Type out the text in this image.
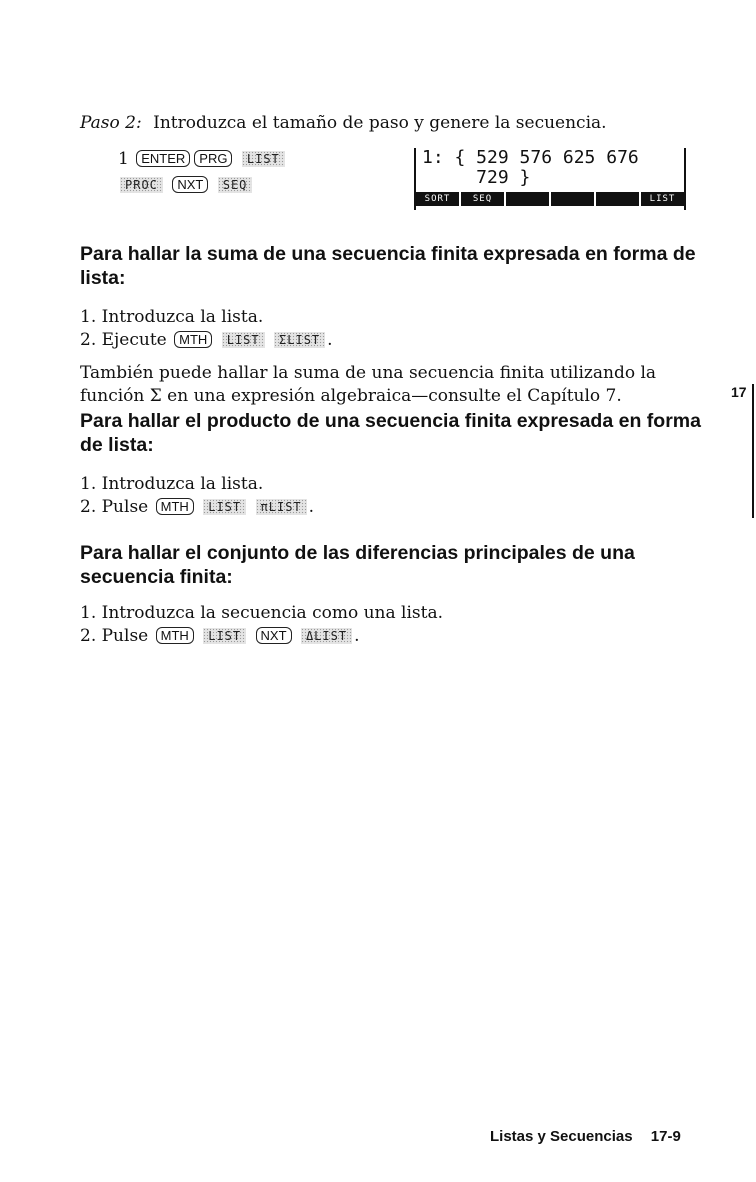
Paso 2: Introduzca el tamaño de paso y genere la secuencia.
1 ENTER PRG LIST
PROC NXT SEQ
1: { 529 576 625 676
729 }
SORT	SEQ	LIST
Para hallar la suma de una secuencia finita expresada en forma de lista:
1. Introduzca la lista.
2. Ejecute MTH LIST ΣLIST .
También puede hallar la suma de una secuencia finita utilizando la función Σ en una expresión algebraica—consulte el Capítulo 7.	17
Para hallar el producto de una secuencia finita expresada en forma de lista:
1. Introduzca la lista.
2. Pulse MTH LIST πLIST .
Para hallar el conjunto de las diferencias principales de una secuencia finita:
1. Introduzca la secuencia como una lista.
2. Pulse MTH LIST NXT ΔLIST .
Listas y Secuencias 17-9
